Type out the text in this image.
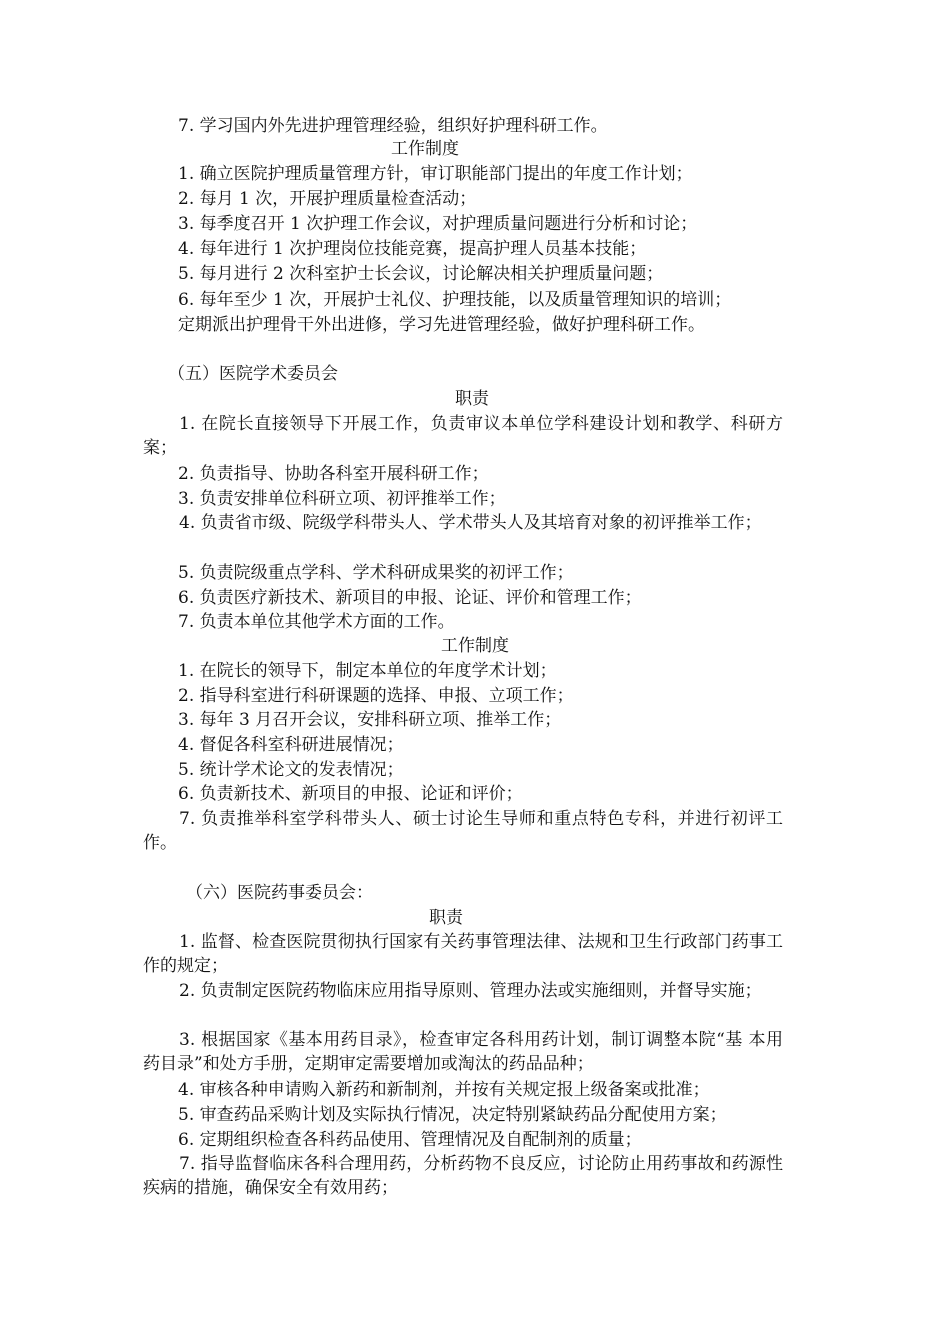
7. 学习国内外先进护理管理经验，组织好护理科研工作。
工作制度
1. 确立医院护理质量管理方针，审订职能部门提出的年度工作计划；
2. 每月 1 次，开展护理质量检查活动；
3. 每季度召开 1 次护理工作会议，对护理质量问题进行分析和讨论；
4. 每年进行 1 次护理岗位技能竞赛，提高护理人员基本技能；
5. 每月进行 2 次科室护士长会议，讨论解决相关护理质量问题；
6. 每年至少 1 次，开展护士礼仪、护理技能，以及质量管理知识的培训；
定期派出护理骨干外出进修，学习先进管理经验，做好护理科研工作。
（五）医院学术委员会
职责
1. 在院长直接领导下开展工作，负责审议本单位学科建设计划和教学、科研方案；
2. 负责指导、协助各科室开展科研工作；
3. 负责安排单位科研立项、初评推举工作；
4. 负责省市级、院级学科带头人、学术带头人及其培育对象的初评推举工作；
5. 负责院级重点学科、学术科研成果奖的初评工作；
6. 负责医疗新技术、新项目的申报、论证、评价和管理工作；
7. 负责本单位其他学术方面的工作。
工作制度
1. 在院长的领导下，制定本单位的年度学术计划；
2. 指导科室进行科研课题的选择、申报、立项工作；
3. 每年 3 月召开会议，安排科研立项、推举工作；
4. 督促各科室科研进展情况；
5. 统计学术论文的发表情况；
6. 负责新技术、新项目的申报、论证和评价；
7. 负责推举科室学科带头人、硕士讨论生导师和重点特色专科，并进行初评工作。
（六）医院药事委员会：
职责
1. 监督、检查医院贯彻执行国家有关药事管理法律、法规和卫生行政部门药事工作的规定；
2. 负责制定医院药物临床应用指导原则、管理办法或实施细则，并督导实施；
3. 根据国家《基本用药目录》，检查审定各科用药计划，制订调整本院“基 本用药目录”和处方手册，定期审定需要增加或淘汰的药品品种；
4. 审核各种申请购入新药和新制剂，并按有关规定报上级备案或批准；
5. 审查药品采购计划及实际执行情况，决定特别紧缺药品分配使用方案；
6. 定期组织检查各科药品使用、管理情况及自配制剂的质量；
7. 指导监督临床各科合理用药，分析药物不良反应，讨论防止用药事故和药源性疾病的措施，确保安全有效用药；
